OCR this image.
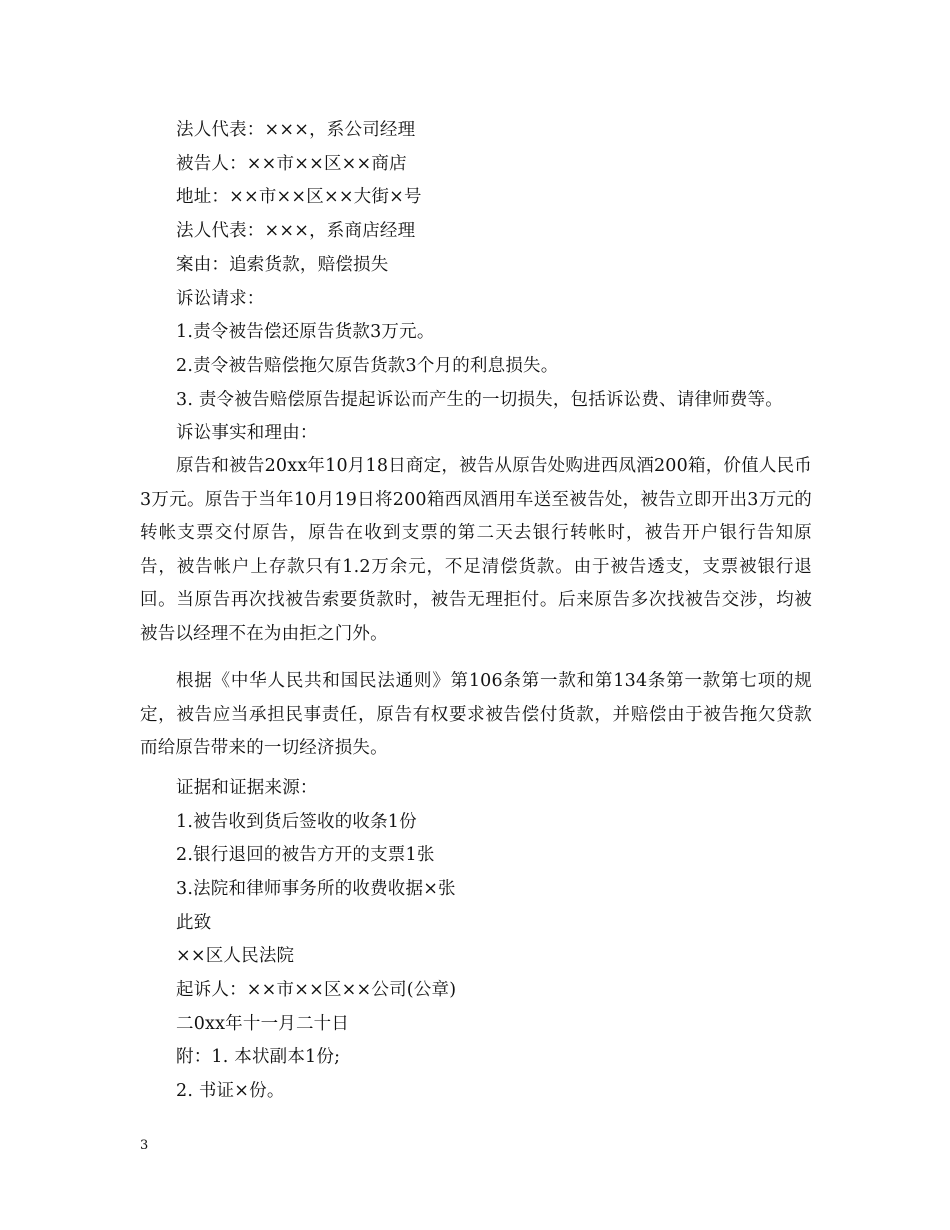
法人代表：×××，系公司经理
被告人：××市××区××商店
地址：××市××区××大街×号
法人代表：×××，系商店经理
案由：追索货款，赔偿损失
诉讼请求：
1.责令被告偿还原告货款3万元。
2.责令被告赔偿拖欠原告货款3个月的利息损失。
3. 责令被告赔偿原告提起诉讼而产生的一切损失，包括诉讼费、请律师费等。
诉讼事实和理由：
原告和被告20xx年10月18日商定，被告从原告处购进西凤酒200箱，价值人民币3万元。原告于当年10月19日将200箱西凤酒用车送至被告处，被告立即开出3万元的转帐支票交付原告，原告在收到支票的第二天去银行转帐时，被告开户银行告知原告，被告帐户上存款只有1.2万余元，不足清偿货款。由于被告透支，支票被银行退回。当原告再次找被告索要货款时，被告无理拒付。后来原告多次找被告交涉，均被被告以经理不在为由拒之门外。
根据《中华人民共和国民法通则》第106条第一款和第134条第一款第七项的规定，被告应当承担民事责任，原告有权要求被告偿付货款，并赔偿由于被告拖欠贷款而给原告带来的一切经济损失。
证据和证据来源：
1.被告收到货后签收的收条1份
2.银行退回的被告方开的支票1张
3.法院和律师事务所的收费收据×张
此致
××区人民法院
起诉人：××市××区××公司(公章)
二0xx年十一月二十日
附：1. 本状副本1份;
2. 书证×份。
3
